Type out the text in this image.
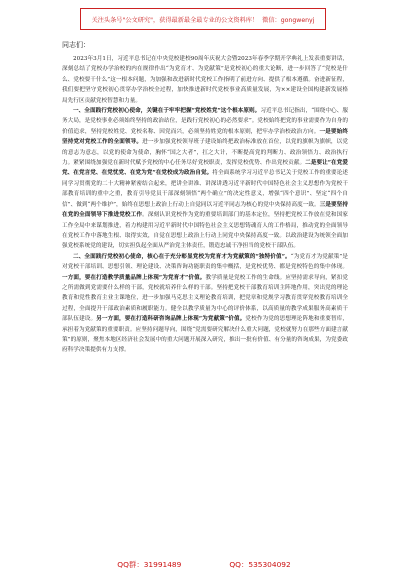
关注头条号"公文研究"，获得最新最全最专业的公文资料库！ 微信：gongwenyj

同志们：

2023年3月1日，习近平总书记在中央党校建校90周年庆祝大会暨2023年春季学期开学典礼上发表重要讲话，深刻总结了党校办学治校的内在规律作出“为党育才、为党献策”是党校初心的重大论断，进一步回答了“党校是什么、党校要干什么”这一根本问题，为加强和改进新时代党校工作指明了前进方向、提供了根本遵循。奋进新征程，我们要把坚守党校初心贯穿办学治校全过程，加快推进新时代党校事业高质量发展，为××建设全国构建新发展格局先行区贡献党校智慧和力量。

一、全面践行党校初心使命，关键在于牢牢把握“党校姓党”这个根本原则。习近平总书记指出，“围绕中心、服务大局，是党校事业必须始终坚持的政治站位，是践行党校初心的必然要求”。党校始终把党的事业需要作为自身的价值追求，坚持党校姓党、党校名称、因党而兴，必须坚持姓党的根本原则，把牢办学治校政治方向。一是要始终坚持党对党校工作的全面领导。进一步加强党校领导班子建设始终把政治标准放在首位，以党的旗帜为旗帜，以党的意志为意志，以党的使命为使命，胸怀“国之大者”，扛之大计，不断提高党的判断力、政治领悟力、政治执行力。紧紧围绕加强党在新时代赋予党校的中心任务尽好党校职责，发挥党校优势、作出党校贡献。二是要让“在党爱党、在党言党、在党忧党、在党为党”在党校成为政治自觉。将全面系统学习习近平总书记关于党校工作的重要论述同学习贯彻党的二十大精神紧密结合起来，把讲全讲准、讲深讲透习近平新时代中国特色社会主义思想作为党校干部教育培训的重中之重，教育引导党员干部深刻领悟“两个确立”的决定性意义，增强“四个意识”、坚定“四个自信”、做到“两个维护”，始终在思想上政治上行动上自觉同以习近平同志为核心的党中央保持高度一致。三是要坚持在党的全面领导下推进党校工作。深刻认识党校作为党的重要培训部门的基本定位，坚持把党校工作放在党和国家工作全局中来谋划推进，着力构建用习近平新时代中国特色社会主义思想铸魂育人的工作格局，推动党的全面领导在党校工作中落地生根、取得实效，自觉在思想上政治上行动上同党中央保持高度一致。以政治建设为统领全面加强党校系统党的建设，切实担负起全面从严治党主体责任，锻造忠诚干净担当的党校干部队伍。

二、全面践行党校初心使命，核心在于充分彰显党校为党育才为党献策的“独特价值”。“为党育才为党献策”是对党校干部培训、思想引领、理论建设、决策咨询功能职责的集中概括，是党校优势、都是党校特色的集中体现。一方面，要在打造教学质量品牌上体现“为党育才”价值。教学质量是党校工作的生命线。应坚持需求导向，紧扣党之所需做到党需要什么样的干部，党校就培养什么样的干部。坚持把党校干部教育培训主阵地作用，突出党的理论教育和党性教育主业主课地位，进一步加强马克思主义理论教育培训，把党章和党规学习教育贯穿党校教育培训全过程，全面提升干部政治素质和履职能力。健全以教学质量为中心的评价体系，以高质量的教学成果服务高素质干部队伍建设。另一方面，要在打造科研咨询品牌上体现“为党献策”价值。党校作为党的思想理论阵地和重要智库，承担着为党献策的重要职责。应坚持问题导向，围绕“党需要研究解决什么重大问题，党校就努力在那些方面建言献策”的原则，聚焦本地区经济社会发展中的重大问题开展深入研究，推出一批有价值、有分量的咨询成果，为党委政府科学决策提供有力支撑。

QQ群：31991489	QQ：535304092
